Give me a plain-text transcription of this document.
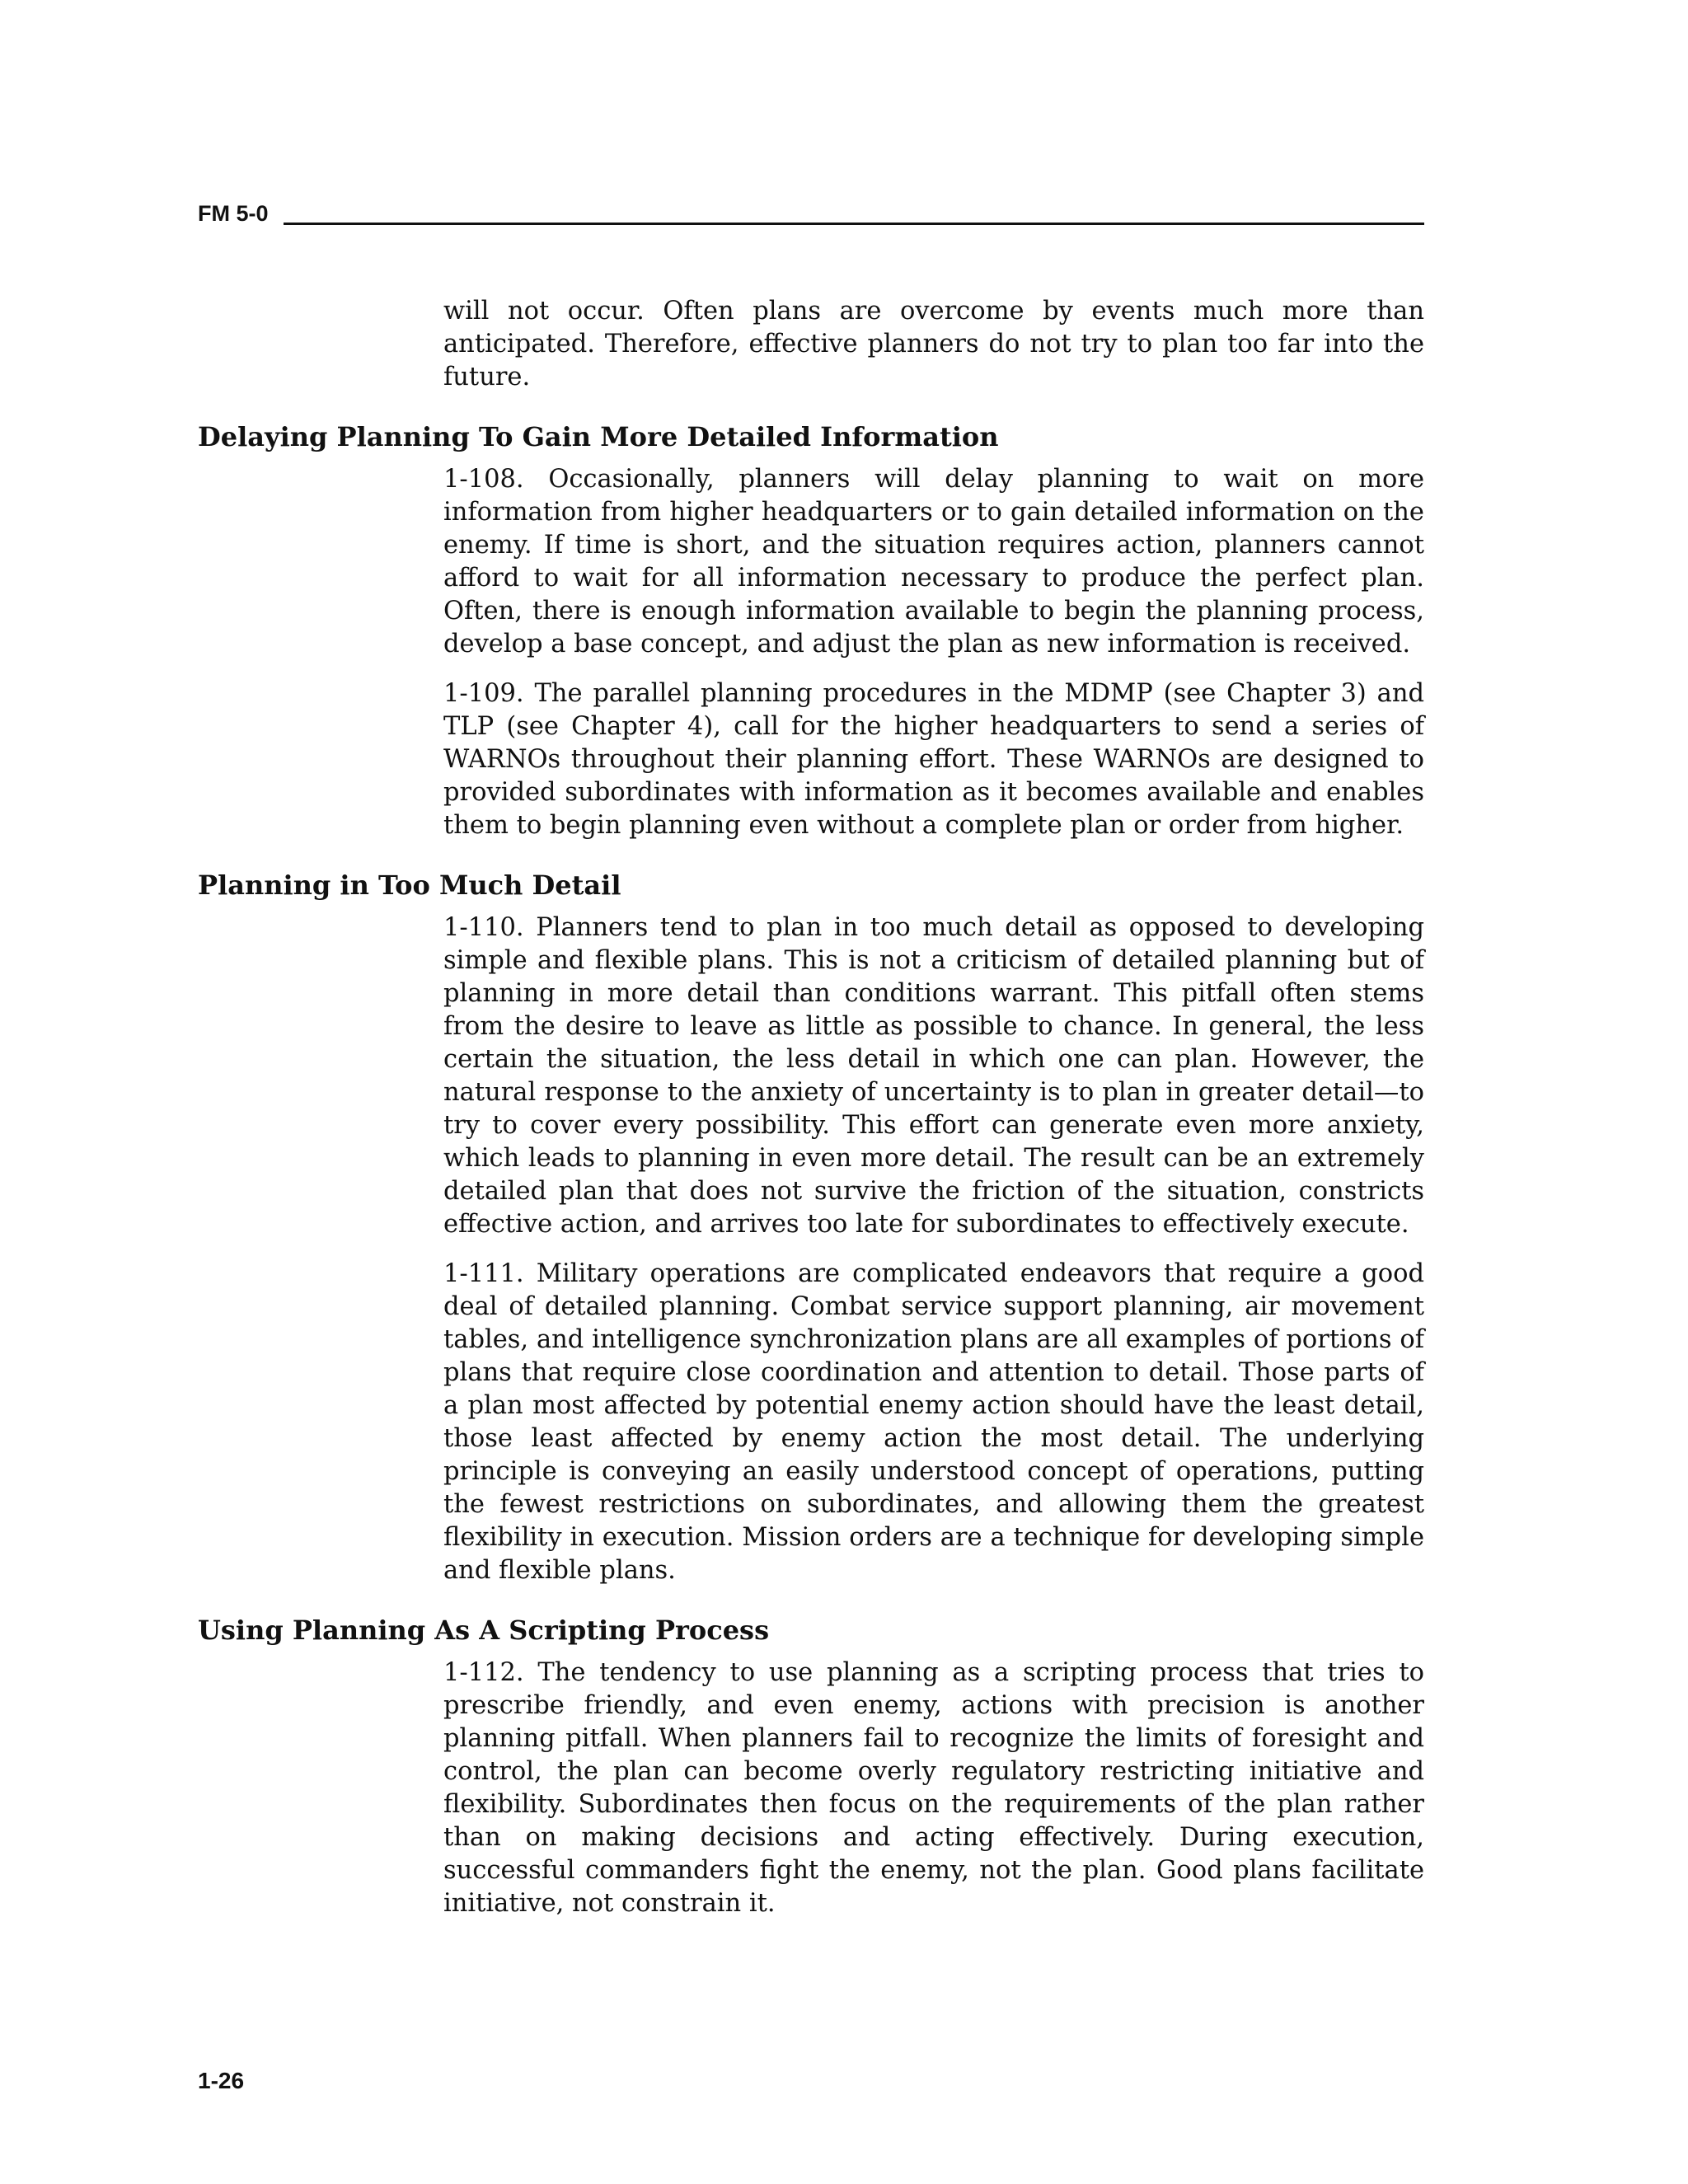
FM 5-0

will not occur. Often plans are overcome by events much more than anticipated. Therefore, effective planners do not try to plan too far into the future.

Delaying Planning To Gain More Detailed Information

1-108. Occasionally, planners will delay planning to wait on more information from higher headquarters or to gain detailed information on the enemy. If time is short, and the situation requires action, planners cannot afford to wait for all information necessary to produce the perfect plan. Often, there is enough information available to begin the planning process, develop a base concept, and adjust the plan as new information is received.

1-109. The parallel planning procedures in the MDMP (see Chapter 3) and TLP (see Chapter 4), call for the higher headquarters to send a series of WARNOs throughout their planning effort. These WARNOs are designed to provided subordinates with information as it becomes available and enables them to begin planning even without a complete plan or order from higher.

Planning in Too Much Detail

1-110. Planners tend to plan in too much detail as opposed to developing simple and flexible plans. This is not a criticism of detailed planning but of planning in more detail than conditions warrant. This pitfall often stems from the desire to leave as little as possible to chance. In general, the less certain the situation, the less detail in which one can plan. However, the natural response to the anxiety of uncertainty is to plan in greater detail—to try to cover every possibility. This effort can generate even more anxiety, which leads to planning in even more detail. The result can be an extremely detailed plan that does not survive the friction of the situation, constricts effective action, and arrives too late for subordinates to effectively execute.

1-111. Military operations are complicated endeavors that require a good deal of detailed planning. Combat service support planning, air movement tables, and intelligence synchronization plans are all examples of portions of plans that require close coordination and attention to detail. Those parts of a plan most affected by potential enemy action should have the least detail, those least affected by enemy action the most detail. The underlying principle is conveying an easily understood concept of operations, putting the fewest restrictions on subordinates, and allowing them the greatest flexibility in execution. Mission orders are a technique for developing simple and flexible plans.

Using Planning As A Scripting Process

1-112. The tendency to use planning as a scripting process that tries to prescribe friendly, and even enemy, actions with precision is another planning pitfall. When planners fail to recognize the limits of foresight and control, the plan can become overly regulatory restricting initiative and flexibility. Subordinates then focus on the requirements of the plan rather than on making decisions and acting effectively. During execution, successful commanders fight the enemy, not the plan. Good plans facilitate initiative, not constrain it.

1-26
